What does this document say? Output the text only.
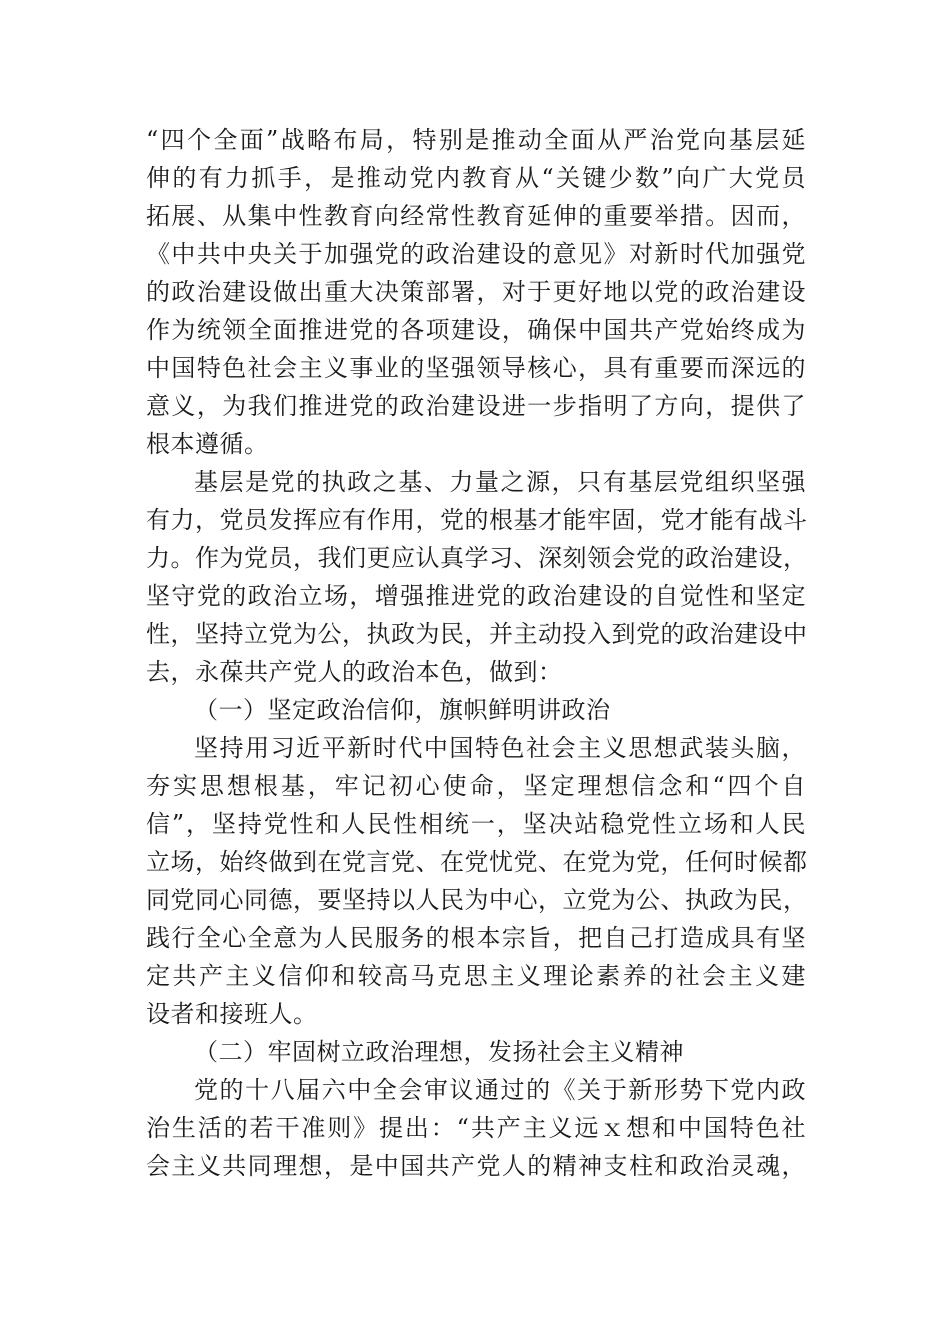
“四个全面”战略布局，特别是推动全面从严治党向基层延
伸的有力抓手，是推动党内教育从“关键少数”向广大党员
拓展、从集中性教育向经常性教育延伸的重要举措。因而，
《中共中央关于加强党的政治建设的意见》对新时代加强党
的政治建设做出重大决策部署，对于更好地以党的政治建设
作为统领全面推进党的各项建设，确保中国共产党始终成为
中国特色社会主义事业的坚强领导核心，具有重要而深远的
意义，为我们推进党的政治建设进一步指明了方向，提供了
根本遵循。
基层是党的执政之基、力量之源，只有基层党组织坚强
有力，党员发挥应有作用，党的根基才能牢固，党才能有战斗
力。作为党员，我们更应认真学习、深刻领会党的政治建设，
坚守党的政治立场，增强推进党的政治建设的自觉性和坚定
性，坚持立党为公，执政为民，并主动投入到党的政治建设中
去，永葆共产党人的政治本色，做到：
（一）坚定政治信仰，旗帜鲜明讲政治
坚持用习近平新时代中国特色社会主义思想武装头脑，
夯实思想根基，牢记初心使命，坚定理想信念和“四个自
信”，坚持党性和人民性相统一，坚决站稳党性立场和人民
立场，始终做到在党言党、在党忧党、在党为党，任何时候都
同党同心同德，要坚持以人民为中心，立党为公、执政为民，
践行全心全意为人民服务的根本宗旨，把自己打造成具有坚
定共产主义信仰和较高马克思主义理论素养的社会主义建
设者和接班人。
（二）牢固树立政治理想，发扬社会主义精神
党的十八届六中全会审议通过的《关于新形势下党内政
治生活的若干准则》提出：“共产主义远ｘ想和中国特色社
会主义共同理想，是中国共产党人的精神支柱和政治灵魂，
